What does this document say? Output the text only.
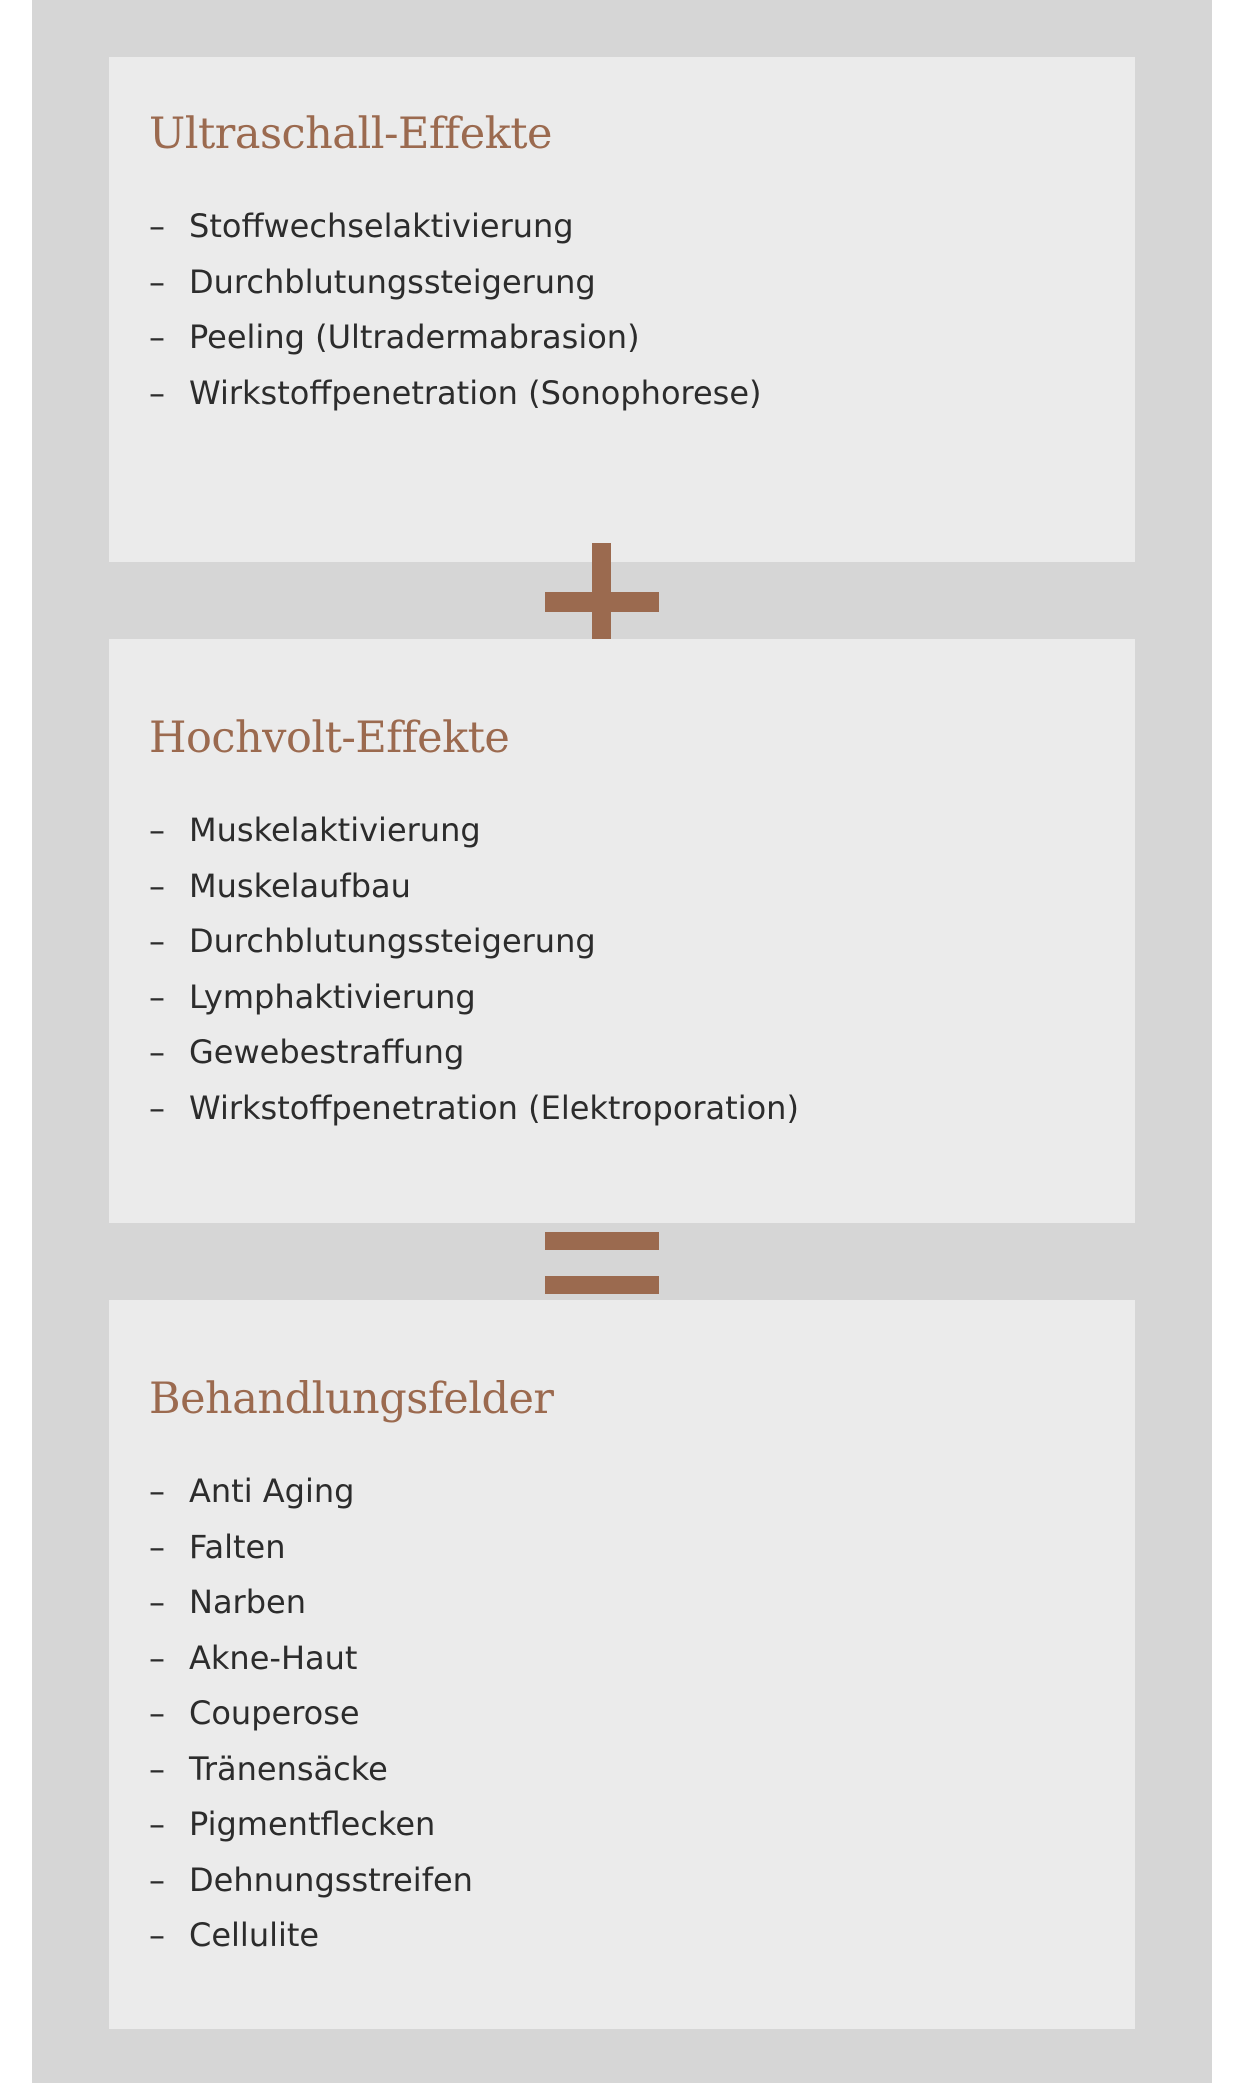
Ultraschall-Effekte
– Stoffwechselaktivierung
– Durchblutungssteigerung
– Peeling (Ultradermabrasion)
– Wirkstoffpenetration (Sonophorese)
Hochvolt-Effekte
– Muskelaktivierung
– Muskelaufbau
– Durchblutungssteigerung
– Lymphaktivierung
– Gewebestraffung
– Wirkstoffpenetration (Elektroporation)
Behandlungsfelder
– Anti Aging
– Falten
– Narben
– Akne-Haut
– Couperose
– Tränensäcke
– Pigmentflecken
– Dehnungsstreifen
– Cellulite
